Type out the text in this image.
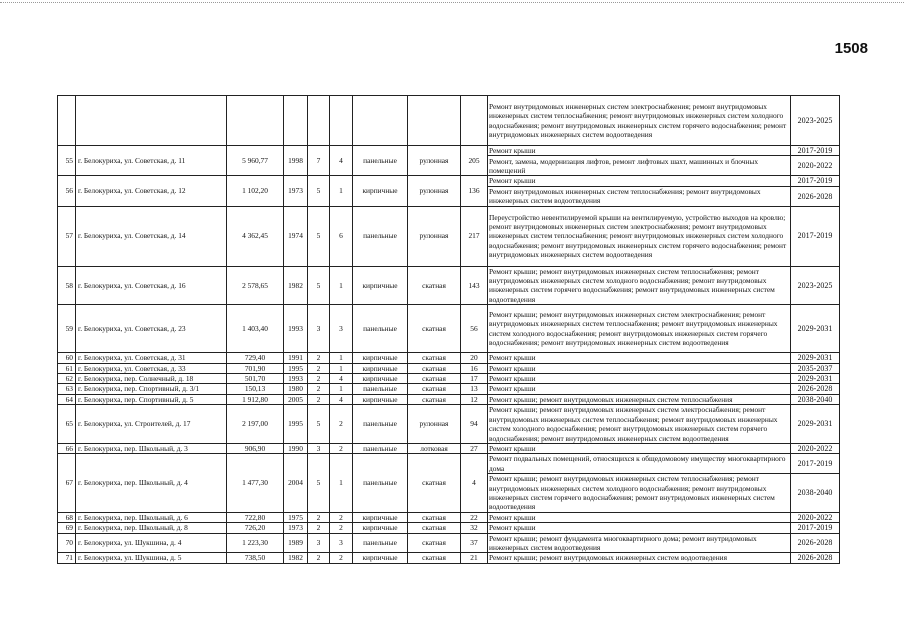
1508
									Ремонт внутридомовых инженерных систем электроснабжения; ремонт внутридомовых инженерных систем теплоснабжения; ремонт внутридомовых инженерных систем холодного водоснабжения; ремонт внутридомовых инженерных систем горячего водоснабжения; ремонт внутридомовых инженерных систем водоотведения	2023-2025
55	г. Белокуриха, ул. Советская, д. 11	5 960,77	1998	7	4	панельные	рулонная	205	Ремонт крыши	2017-2019
									Ремонт, замена, модернизация лифтов, ремонт лифтовых шахт, машинных и блочных помещений	2020-2022
56	г. Белокуриха, ул. Советская, д. 12	1 102,20	1973	5	1	кирпичные	рулонная	136	Ремонт крыши	2017-2019
									Ремонт внутридомовых инженерных систем теплоснабжения; ремонт внутридомовых инженерных систем водоотведения	2026-2028
57	г. Белокуриха, ул. Советская, д. 14	4 362,45	1974	5	6	панельные	рулонная	217	Переустройство невентилируемой крыши на вентилируемую, устройство выходов на кровлю; ремонт внутридомовых инженерных систем электроснабжения; ремонт внутридомовых инженерных систем теплоснабжения; ремонт внутридомовых инженерных систем холодного водоснабжения; ремонт внутридомовых инженерных систем горячего водоснабжения; ремонт внутридомовых инженерных систем водоотведения	2017-2019
58	г. Белокуриха, ул. Советская, д. 16	2 578,65	1982	5	1	кирпичные	скатная	143	Ремонт крыши; ремонт внутридомовых инженерных систем теплоснабжения; ремонт внутридомовых инженерных систем холодного водоснабжения; ремонт внутридомовых инженерных систем горячего водоснабжения; ремонт внутридомовых инженерных систем водоотведения	2023-2025
59	г. Белокуриха, ул. Советская, д. 23	1 403,40	1993	3	3	панельные	скатная	56	Ремонт крыши; ремонт внутридомовых инженерных систем электроснабжения; ремонт внутридомовых инженерных систем теплоснабжения; ремонт внутридомовых инженерных систем холодного водоснабжения; ремонт внутридомовых инженерных систем горячего водоснабжения; ремонт внутридомовых инженерных систем водоотведения	2029-2031
60	г. Белокуриха, ул. Советская, д. 31	729,40	1991	2	1	кирпичные	скатная	20	Ремонт крыши	2029-2031
61	г. Белокуриха, ул. Советская, д. 33	701,90	1995	2	1	кирпичные	скатная	16	Ремонт крыши	2035-2037
62	г. Белокуриха, пер. Солнечный, д. 18	501,70	1993	2	4	кирпичные	скатная	17	Ремонт крыши	2029-2031
63	г. Белокуриха, пер. Спортивный, д. 3/1	150,13	1980	2	1	панельные	скатная	13	Ремонт крыши	2026-2028
64	г. Белокуриха, пер. Спортивный, д. 5	1 912,80	2005	2	4	кирпичные	скатная	12	Ремонт крыши; ремонт внутридомовых инженерных систем теплоснабжения	2038-2040
65	г. Белокуриха, ул. Строителей, д. 17	2 197,00	1995	5	2	панельные	рулонная	94	Ремонт крыши; ремонт внутридомовых инженерных систем электроснабжения; ремонт внутридомовых инженерных систем теплоснабжения; ремонт внутридомовых инженерных систем холодного водоснабжения; ремонт внутридомовых инженерных систем горячего водоснабжения; ремонт внутридомовых инженерных систем водоотведения	2029-2031
66	г. Белокуриха, пер. Школьный, д. 3	906,90	1990	3	2	панельные	лотковая	27	Ремонт крыши	2020-2022
67	г. Белокуриха, пер. Школьный, д. 4	1 477,30	2004	5	1	панельные	скатная	4	Ремонт подвальных помещений, относящихся к общедомовому имуществу многоквартирного дома	2017-2019
									Ремонт крыши; ремонт внутридомовых инженерных систем теплоснабжения; ремонт внутридомовых инженерных систем холодного водоснабжения; ремонт внутридомовых инженерных систем горячего водоснабжения; ремонт внутридомовых инженерных систем водоотведения	2038-2040
68	г. Белокуриха, пер. Школьный, д. 6	722,80	1975	2	2	кирпичные	скатная	22	Ремонт крыши	2020-2022
69	г. Белокуриха, пер. Школьный, д. 8	726,20	1973	2	2	кирпичные	скатная	32	Ремонт крыши	2017-2019
70	г. Белокуриха, ул. Шукшина, д. 4	1 223,30	1989	3	3	панельные	скатная	37	Ремонт крыши; ремонт фундамента многоквартирного дома; ремонт внутридомовых инженерных систем водоотведения	2026-2028
71	г. Белокуриха, ул. Шукшина, д. 5	738,50	1982	2	2	кирпичные	скатная	21	Ремонт крыши; ремонт внутридомовых инженерных систем водоотведения	2026-2028
